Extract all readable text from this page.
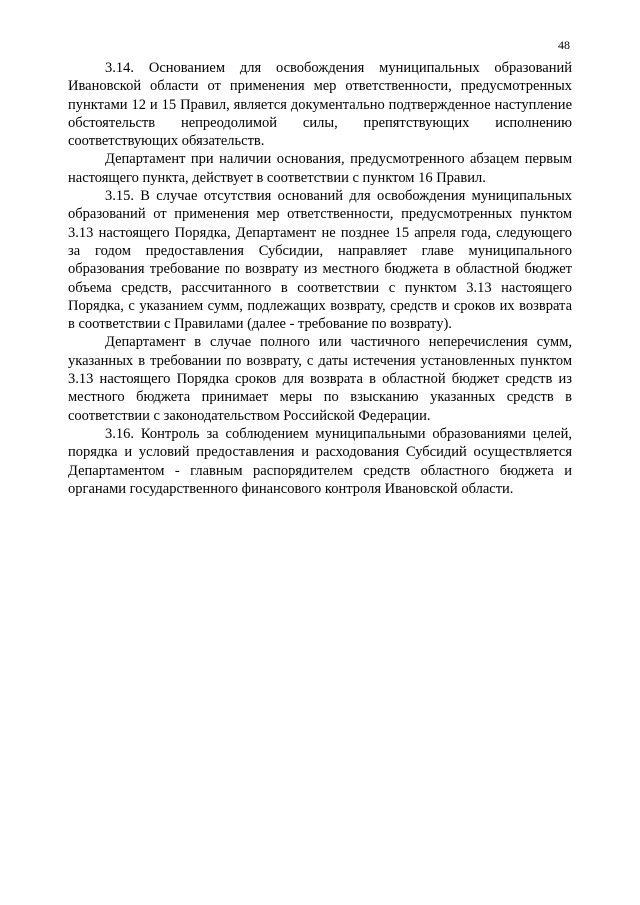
48

3.14. Основанием для освобождения муниципальных образований Ивановской области от применения мер ответственности, предусмотренных пунктами 12 и 15 Правил, является документально подтвержденное наступление обстоятельств непреодолимой силы, препятствующих исполнению соответствующих обязательств.

Департамент при наличии основания, предусмотренного абзацем первым настоящего пункта, действует в соответствии с пунктом 16 Правил.

3.15. В случае отсутствия оснований для освобождения муниципальных образований от применения мер ответственности, предусмотренных пунктом 3.13 настоящего Порядка, Департамент не позднее 15 апреля года, следующего за годом предоставления Субсидии, направляет главе муниципального образования требование по возврату из местного бюджета в областной бюджет объема средств, рассчитанного в соответствии с пунктом 3.13 настоящего Порядка, с указанием сумм, подлежащих возврату, средств и сроков их возврата в соответствии с Правилами (далее - требование по возврату).

Департамент в случае полного или частичного неперечисления сумм, указанных в требовании по возврату, с даты истечения установленных пунктом 3.13 настоящего Порядка сроков для возврата в областной бюджет средств из местного бюджета принимает меры по взысканию указанных средств в соответствии с законодательством Российской Федерации.

3.16. Контроль за соблюдением муниципальными образованиями целей, порядка и условий предоставления и расходования Субсидий осуществляется Департаментом - главным распорядителем средств областного бюджета и органами государственного финансового контроля Ивановской области.
